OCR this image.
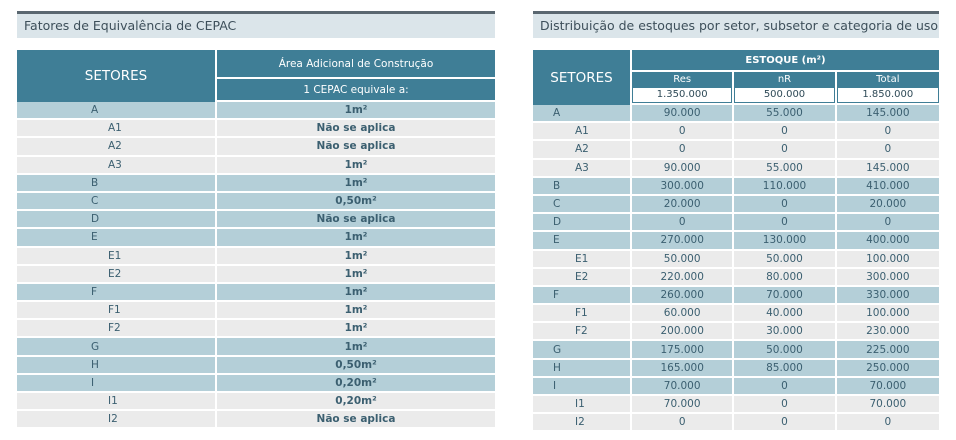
Fatores de Equivalência de CEPAC
SETORES	Área Adicional de Construção
	1 CEPAC equivale a:
A	1m²
A1	Não se aplica
A2	Não se aplica
A3	1m²
B	1m²
C	0,50m²
D	Não se aplica
E	1m²
E1	1m²
E2	1m²
F	1m²
F1	1m²
F2	1m²
G	1m²
H	0,50m²
I	0,20m²
I1	0,20m²
I2	Não se aplica
Distribuição de estoques por setor, subsetor e categoria de uso
SETORES	ESTOQUE (m²)		
	Res	nR	Total

	1.350.000	500.000	1.850.000

A	90.000	55.000	145.000
A1	0	0	0
A2	0	0	0
A3	90.000	55.000	145.000
B	300.000	110.000	410.000
C	20.000	0	20.000
D	0	0	0
E	270.000	130.000	400.000
E1	50.000	50.000	100.000
E2	220.000	80.000	300.000
F	260.000	70.000	330.000
F1	60.000	40.000	100.000
F2	200.000	30.000	230.000
G	175.000	50.000	225.000
H	165.000	85.000	250.000
I	70.000	0	70.000
I1	70.000	0	70.000
I2	0	0	0
